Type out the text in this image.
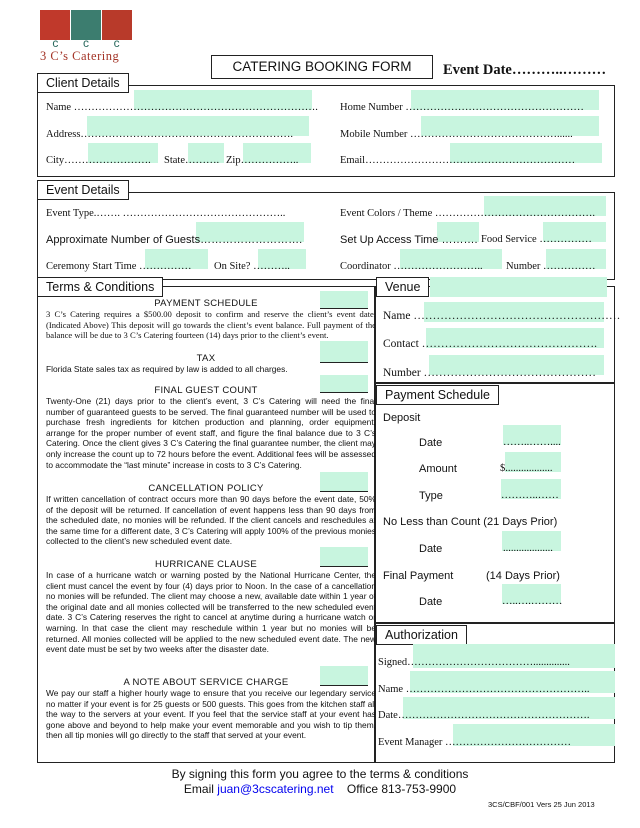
c c c
3 C’s Catering
CATERING BOOKING FORM	Event Date………..………
Client Details
Name …………………………………………………………….
Address…………………………………………………….
City……………………. State………. Zip……………..
Home Number ……………………………………………
Mobile Number ……………………………………......
Email……………………………………………………
Event Details
Event Type.……. ………………………………………..
Approximate Number of Guests……………………….
Ceremony Start Time …………… On Site? ………..
Event Colors / Theme ……………………………………….
Set Up Access Time ………. Food Service ……………
Coordinator …………………….. Number ……………
Terms & Conditions
PAYMENT SCHEDULE
3 C’s Catering requires a $500.00 deposit to confirm and reserve the client’s event date. (Indicated Above) This deposit will go towards the client’s event balance. Full payment of the balance will be due to 3 C’s Catering fourteen (14) days prior to the client’s event.
TAX
Florida State sales tax as required by law is added to all charges.
FINAL GUEST COUNT
Twenty-One (21) days prior to the client’s event, 3 C’s Catering will need the final number of guaranteed guests to be served. The final guaranteed number will be used to purchase fresh ingredients for kitchen production and planning, order equipment, arrange for the proper number of event staff, and figure the final balance due to 3 C’s Catering. Once the client gives 3 C’s Catering the final guarantee number, the client may only increase the count up to 72 hours before the event. Additional fees will be assessed to accommodate the “last minute” increase in costs to 3 C’s Catering.
CANCELLATION POLICY
If written cancellation of contract occurs more than 90 days before the event date, 50% of the deposit will be returned. If cancellation of event happens less than 90 days from the scheduled date, no monies will be refunded. If the client cancels and reschedules at the same time for a different date, 3 C’s Catering will apply 100% of the previous monies collected to the client’s new scheduled event date.
HURRICANE CLAUSE
In case of a hurricane watch or warning posted by the National Hurricane Center, the client must cancel the event by four (4) days prior to Noon. In the case of a cancellation no monies will be refunded. The client may choose a new, available date within 1 year of the original date and all monies collected will be transferred to the new scheduled event date. 3 C’s Catering reserves the right to cancel at anytime during a hurricane watch or warning. In that case the client may reschedule within 1 year but no monies will be returned. All monies collected will be applied to the new scheduled event date. The new event date must be set by two weeks after the disaster date.
A NOTE ABOUT SERVICE CHARGE
We pay our staff a higher hourly wage to ensure that you receive our legendary service no matter if your event is for 25 guests or 500 guests. This goes from the kitchen staff all the way to the servers at your event. If you feel that the service staff at your event has gone above and beyond to help make your event memorable and you wish to tip them, then all tip monies will go directly to the staff that served at your event.
Venue
Name ………………………………………………
Contact ……………………………………….
Number ………………………………………
Payment Schedule
Deposit
Date	……..……....
Amount	$..................
Type	………..……
No Less than Count (21 Days Prior)
Date	...................
Final Payment	(14 Days Prior)
Date	…..….………
Authorization
Signed………………………………..............
Name ……………………………………………..
Date……………………………………………….
Event Manager ………………………………
By signing this form you agree to the terms & conditions
Email juan@3cscatering.net Office 813-753-9900
3CS/CBF/001 Vers 25 Jun 2013
